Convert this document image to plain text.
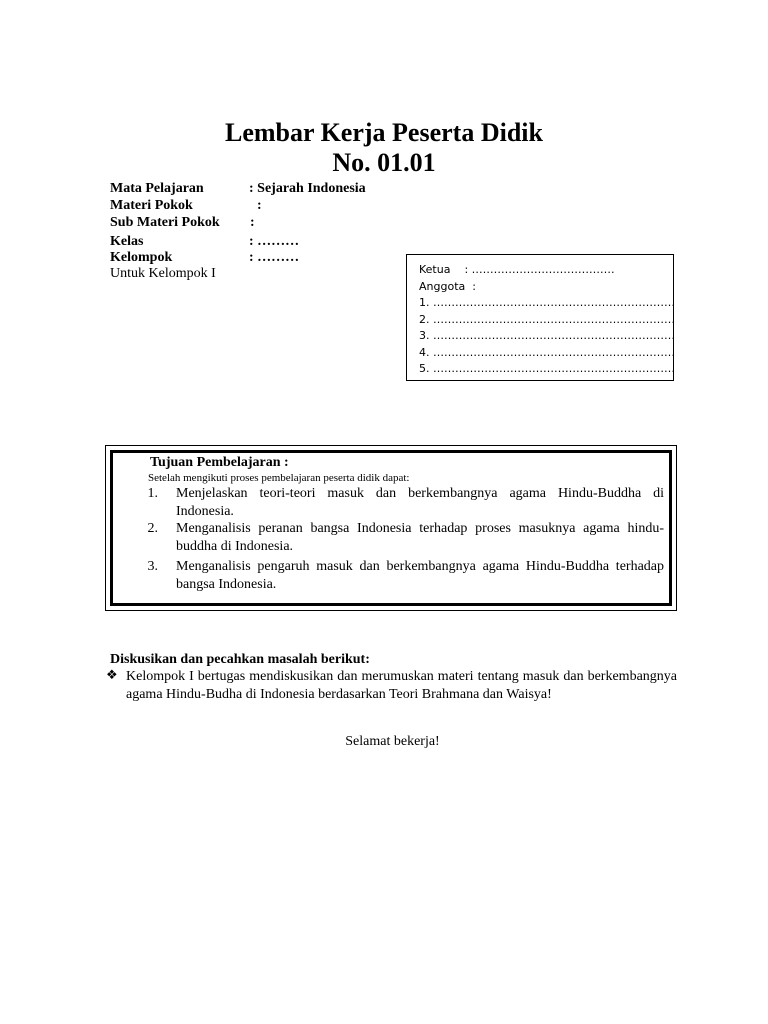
Lembar Kerja Peserta Didik
No. 01.01
Mata Pelajaran	: Sejarah Indonesia
Materi Pokok	:
Sub Materi Pokok :
Kelas	: ………
Kelompok	: ………
Untuk Kelompok I	Ketua    : …………………………………
Anggota  :
1. …………………………………………………………
2. …………………………………………………………
3. …………………………………………………………
4. …………………………………………………………
5. …………………………………………………………
Tujuan Pembelajaran :
Setelah mengikuti proses pembelajaran peserta didik dapat:
1. Menjelaskan teori-teori masuk dan berkembangnya agama Hindu-Buddha di Indonesia.
2. Menganalisis peranan bangsa Indonesia terhadap proses masuknya agama hindu-buddha di Indonesia.
3. Menganalisis pengaruh masuk dan berkembangnya agama Hindu-Buddha terhadap bangsa Indonesia.
Diskusikan dan pecahkan masalah berikut:
❖ Kelompok I bertugas mendiskusikan dan merumuskan materi tentang masuk dan berkembangnya agama Hindu-Budha di Indonesia berdasarkan Teori Brahmana dan Waisya!
Selamat bekerja!
